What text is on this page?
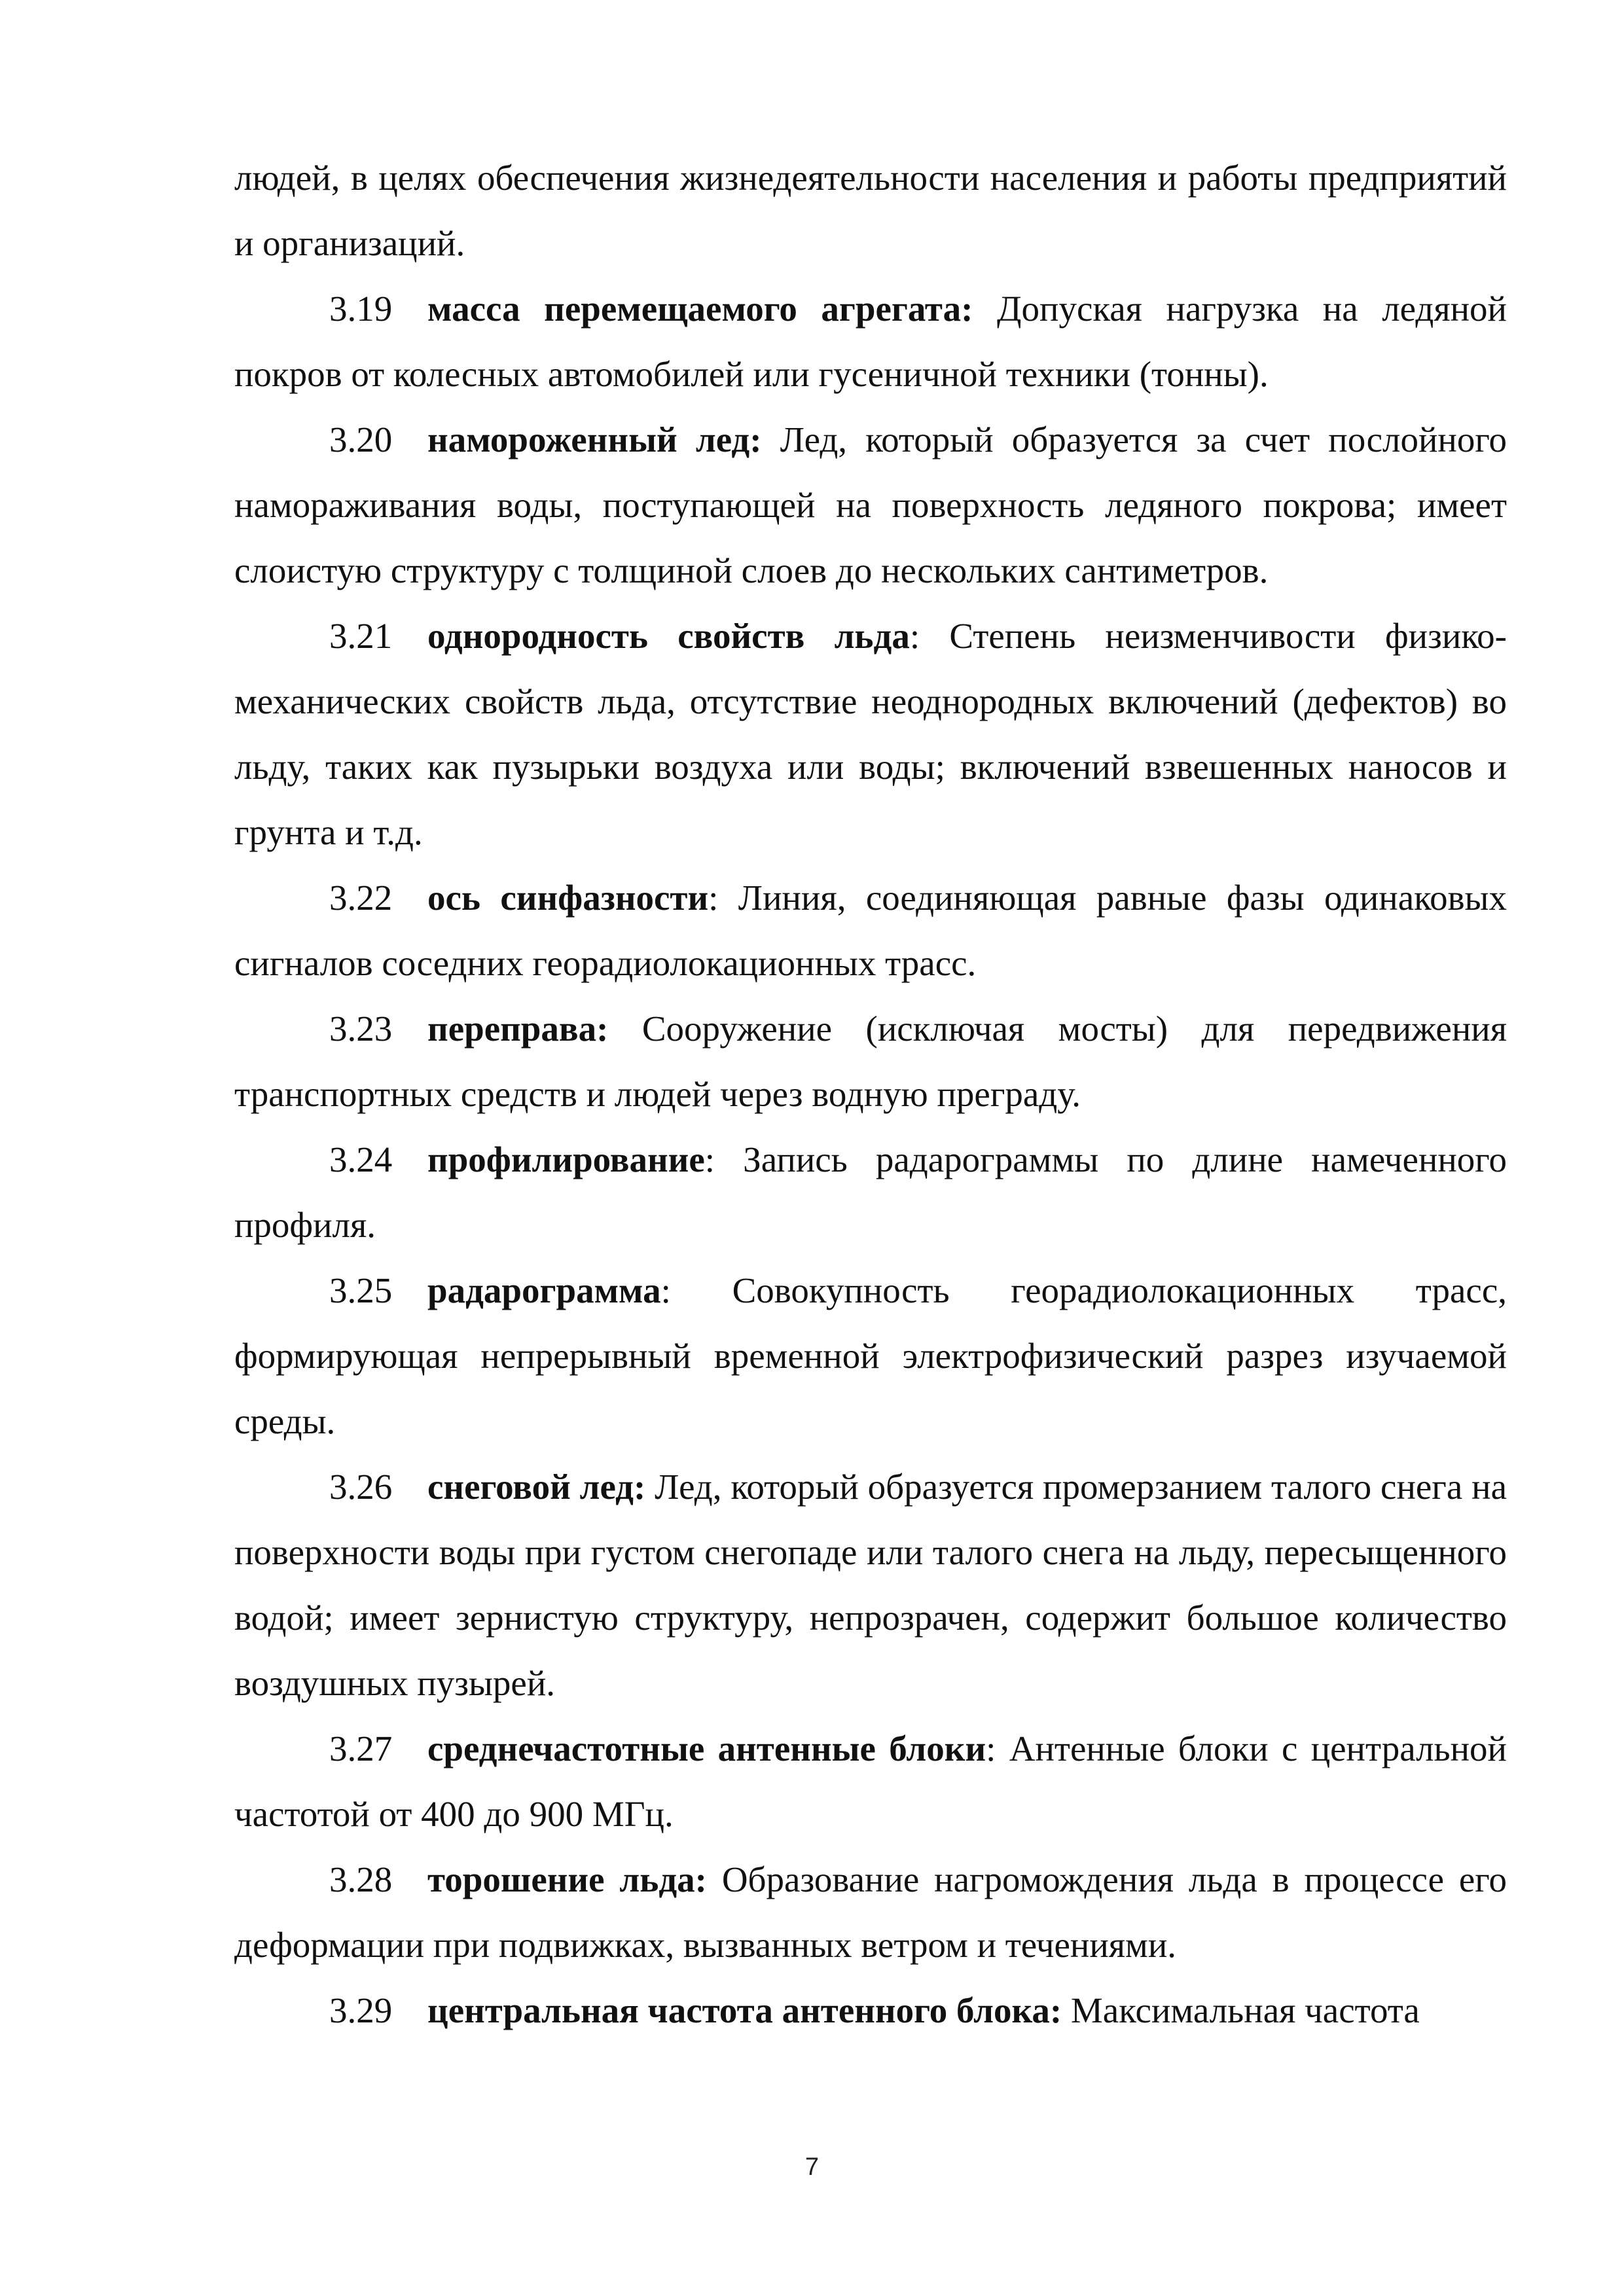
людей, в целях обеспечения жизнедеятельности населения и работы предприятий и организаций.

3.19 масса перемещаемого агрегата: Допуская нагрузка на ледяной покров от колесных автомобилей или гусеничной техники (тонны).

3.20 намороженный лед: Лед, который образуется за счет послойного намораживания воды, поступающей на поверхность ледяного покрова; имеет слоистую структуру с толщиной слоев до нескольких сантиметров.

3.21 однородность свойств льда: Степень неизменчивости физико-механических свойств льда, отсутствие неоднородных включений (дефектов) во льду, таких как пузырьки воздуха или воды; включений взвешенных наносов и грунта и т.д.

3.22 ось синфазности: Линия, соединяющая равные фазы одинаковых сигналов соседних георадиолокационных трасс.

3.23 переправа: Сооружение (исключая мосты) для передвижения транспортных средств и людей через водную преграду.

3.24 профилирование: Запись радарограммы по длине намеченного профиля.

3.25 радарограмма: Совокупность георадиолокационных трасс, формирующая непрерывный временной электрофизический разрез изучаемой среды.

3.26 снеговой лед: Лед, который образуется промерзанием талого снега на поверхности воды при густом снегопаде или талого снега на льду, пересыщенного водой; имеет зернистую структуру, непрозрачен, содержит большое количество воздушных пузырей.

3.27 среднечастотные антенные блоки: Антенные блоки с центральной частотой от 400 до 900 МГц.

3.28 торошение льда: Образование нагромождения льда в процессе его деформации при подвижках, вызванных ветром и течениями.

3.29 центральная частота антенного блока: Максимальная частота

7
